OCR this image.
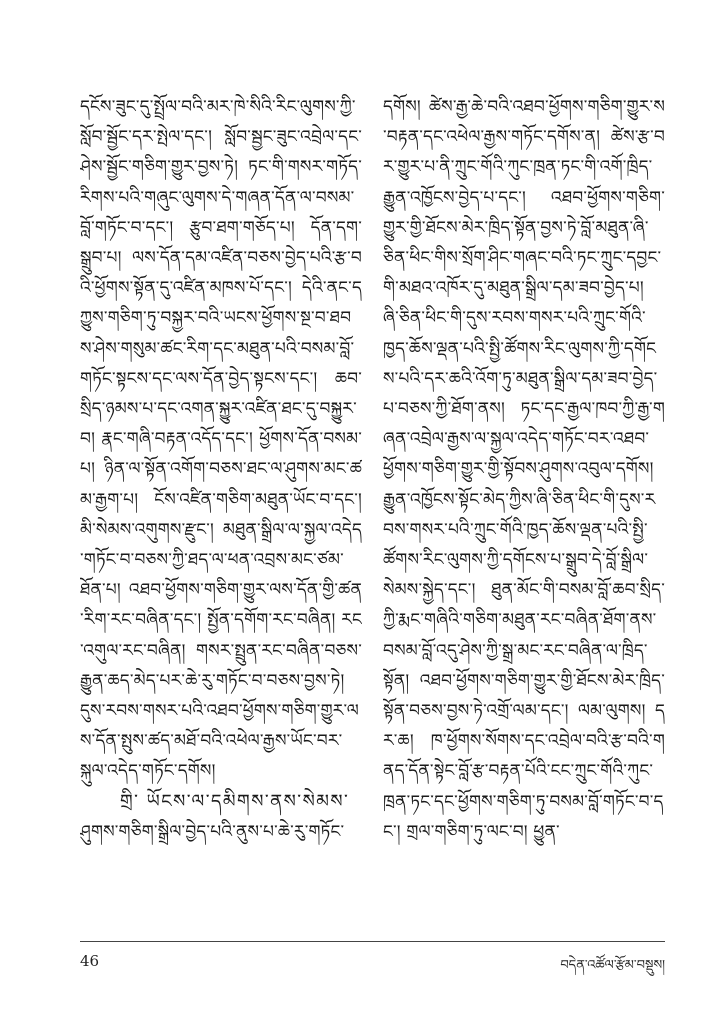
དངོས་ཟུང་དུ་སྤྲོལ་བའི་མར་ཁེ་སིའི་རིང་ལུགས་ཀྱི་སློབ་སྦྱོང་དར་སྤེལ་དང་། སློབ་སྦྱང་ཟུང་འབྲེལ་དང་ཤེས་སྦྱོང་གཅིག་གྱུར་བྱས་ཏེ། ཏང་གི་གསར་གཏོད་རིགས་པའི་གཞུང་ལུགས་དེ་གཞན་དོན་ལ་བསམ་བློ་གཏོང་བ་དང་། རྩུབ་ཐག་གཅོད་པ། དོན་དག་སྒྲུབ་པ། ལས་དོན་དམ་འཛིན་བཅས་བྱེད་པའི་རྩ་བའི་ཕྱོགས་སྟོན་དུ་འཛིན་མཁས་པོ་དང་། དེའི་ནང་དཀྱུས་གཅིག་ཏུ་བསྐྱར་བའི་ཡངས་ཕྱོགས་སྔ་བ་ཐབས་ཤེས་གསུམ་ཚང་རིག་དང་མཐུན་པའི་བསམ་བློ་གཏོང་སྟངས་དང་ལས་དོན་བྱེད་སྟངས་དང་། ཆབ་སྲིད་ཉམས་པ་དང་འགན་སྐྱུར་འཛིན་ཐང་དུ་བསྐྱུར་བ། རྣང་གཞི་བརྟན་འདོད་དང་། ཕྱོགས་དོན་བསམ་པ། ཉིན་ལ་སྟོན་འགོག་བཅས་ཐང་ལ་ཤུགས་མང་ཚམ་རྒྱག་པ། ངོས་འཛིན་གཅིག་མཐུན་ཡོང་བ་དང་། མི་སེམས་འགུགས་རྫུང་། མཐུན་སྒྲིལ་ལ་སྐྱལ་འདེད་གཏོང་བ་བཅས་ཀྱི་ཐད་ལ་ཕན་འབྲས་མང་ཙམ་ཐོན་པ། འཐབ་ཕྱོགས་གཅིག་གྱུར་ལས་དོན་གྱི་ཚན་རིག་རང་བཞིན་དང་། སྤྱོན་དགོག་རང་བཞིན། རང་འགུལ་རང་བཞིན། གསར་སྤྲུན་རང་བཞིན་བཅས་རྒྱུན་ཆད་མེད་པར་ཆེ་རུ་གཏོང་བ་བཅས་བྱས་ཏེ། དུས་རབས་གསར་པའི་འཐབ་ཕྱོགས་གཅིག་གྱུར་ལས་དོན་སྤུས་ཚད་མཐོ་བའི་འཕེལ་རྒྱས་ཡོང་བར་སྐུལ་འདེད་གཏོང་དགོས།

གྲི་ ཡོངས་ལ་དམིགས་ནས་སེམས་

ཤུགས་གཅིག་སྒྲིལ་བྱེད་པའི་ནུས་པ་ཆེ་རུ་གཏོང་

དགོས། ཚེས་རྒྱ་ཆེ་བའི་འཐབ་ཕྱོགས་གཅིག་གྱུར་ས་བརྟན་དང་འཕེལ་རྒྱས་གཏོང་དགོས་ན། ཚེས་རྩ་བར་གྱུར་པ་ནི་ཀྲུང་གོའི་ཀུང་ཁྲན་ཏང་གི་འགོ་ཁྲིད་རྒྱུན་འཁྱོངས་བྱེད་པ་དང་། འཐབ་ཕྱོགས་གཅིག་གྱུར་གྱི་ཐོངས་མེར་ཁྲིད་སྟོན་བྱས་ཏེ་བློ་མཐུན་ཞི་ཅིན་ཕིང་གིས་སྲོག་ཤིང་གཞང་བའི་ཏང་ཀྲུང་དབྱང་གི་མཐའ་འཁོར་དུ་མཐུན་སྒྲིལ་དམ་ཟབ་བྱེད་པ། ཞི་ཅིན་ཕིང་གི་དུས་རབས་གསར་པའི་ཀྲུང་གོའི་ཁྱད་ཆོས་ལྡན་པའི་སྤྱི་ཚོགས་རིང་ལུགས་ཀྱི་དགོངས་པའི་དར་ཆའི་འོག་ཏུ་མཐུན་སྒྲིལ་དམ་ཟབ་བྱེད་པ་བཅས་ཀྱི་ཐོག་ནས། ཏང་དང་རྒྱལ་ཁབ་ཀྱི་རྒྱ་གཞན་འབྲེལ་རྒྱས་ལ་སྐྱལ་འདེད་གཏོང་བར་འཐབ་ཕྱོགས་གཅིག་གྱུར་གྱི་སྟོབས་ཤུགས་འབུལ་དགོས། རྒྱུན་འཁྱོངས་སྟོང་མེད་ཀྱིས་ཞི་ཅིན་ཕིང་གི་དུས་རབས་གསར་པའི་ཀྲུང་གོའི་ཁྱད་ཆོས་ལྡན་པའི་སྤྱི་ཚོགས་རིང་ལུགས་ཀྱི་དགོངས་པ་སྒྲུབ་དེ་བློ་སྒྲིལ་སེམས་སྐྱེད་དང་། ཐུན་མོང་གི་བསམ་བློ་ཆབ་སྲིད་ཀྱི་རྨང་གཞིའི་གཅིག་མཐུན་རང་བཞིན་ཐོག་ནས་བསམ་བློ་འདུ་ཤེས་ཀྱི་སྒྲ་མང་རང་བཞིན་ལ་ཁྲིད་སྟོན། འཐབ་ཕྱོགས་གཅིག་གྱུར་གྱི་ཐོངས་མེར་ཁྲིད་སྟོན་བཅས་བྱས་ཏེ་འགྲོ་ལམ་དང་། ལམ་ལུགས། དར་ཆ། ཁ་ཕྱོགས་སོགས་དང་འབྲེལ་བའི་རྩ་བའི་གནད་དོན་སྟེང་བློ་རྩ་བརྟན་པོའི་ངང་ཀྲུང་གོའི་ཀུང་ཁྲན་ཏང་དང་ཕྱོགས་གཅིག་ཏུ་བསམ་བློ་གཏོང་བ་དང་། གྲལ་གཅིག་ཏུ་ལང་བ། ཕྱུན་

46	བདེན་འཚོལ་རྩོམ་བསྡུས།
